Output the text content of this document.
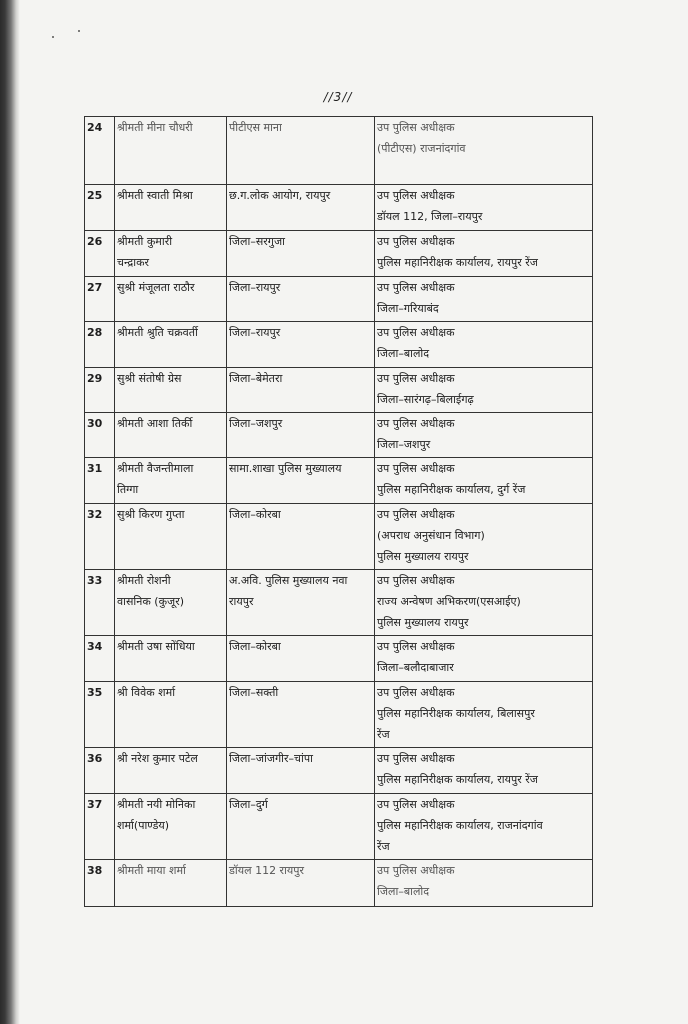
//3//
24	श्रीमती मीना चौधरी	पीटीएस माना	उप पुलिस अधीक्षक
(पीटीएस) राजनांदगांव

25	श्रीमती स्वाती मिश्रा	छ.ग.लोक आयोग, रायपुर	उप पुलिस अधीक्षक
डॉयल 112, जिला–रायपुर

26	श्रीमती कुमारी
चन्द्राकर	जिला–सरगुजा	उप पुलिस अधीक्षक
पुलिस महानिरीक्षक कार्यालय, रायपुर रेंज

27	सुश्री मंजूलता राठौर	जिला–रायपुर	उप पुलिस अधीक्षक
जिला–गरियाबंद

28	श्रीमती श्रुति चक्रवर्ती	जिला–रायपुर	उप पुलिस अधीक्षक
जिला–बालोद

29	सुश्री संतोषी ग्रेस	जिला–बेमेतरा	उप पुलिस अधीक्षक
जिला–सारंगढ़–बिलाईगढ़

30	श्रीमती आशा तिर्की	जिला–जशपुर	उप पुलिस अधीक्षक
जिला–जशपुर

31	श्रीमती वैजन्तीमाला
तिग्गा	सामा.शाखा पुलिस मुख्यालय	उप पुलिस अधीक्षक
पुलिस महानिरीक्षक कार्यालय, दुर्ग रेंज

32	सुश्री किरण गुप्ता	जिला–कोरबा	उप पुलिस अधीक्षक
(अपराध अनुसंधान विभाग)
पुलिस मुख्यालय रायपुर

33	श्रीमती रोशनी
वासनिक (कुजूर)	अ.अवि. पुलिस मुख्यालय नवा
रायपुर	उप पुलिस अधीक्षक
राज्य अन्वेषण अभिकरण(एसआईए)
पुलिस मुख्यालय रायपुर

34	श्रीमती उषा सोंधिया	जिला–कोरबा	उप पुलिस अधीक्षक
जिला–बलौदाबाजार

35	श्री विवेक शर्मा	जिला–सक्ती	उप पुलिस अधीक्षक
पुलिस महानिरीक्षक कार्यालय, बिलासपुर
रेंज

36	श्री नरेश कुमार पटेल	जिला–जांजगीर–चांपा	उप पुलिस अधीक्षक
पुलिस महानिरीक्षक कार्यालय, रायपुर रेंज

37	श्रीमती नयी मोनिका
शर्मा(पाण्डेय)	जिला–दुर्ग	उप पुलिस अधीक्षक
पुलिस महानिरीक्षक कार्यालय, राजनांदगांव
रेंज

38	श्रीमती माया शर्मा	डॉयल 112 रायपुर	उप पुलिस अधीक्षक
जिला–बालोद
